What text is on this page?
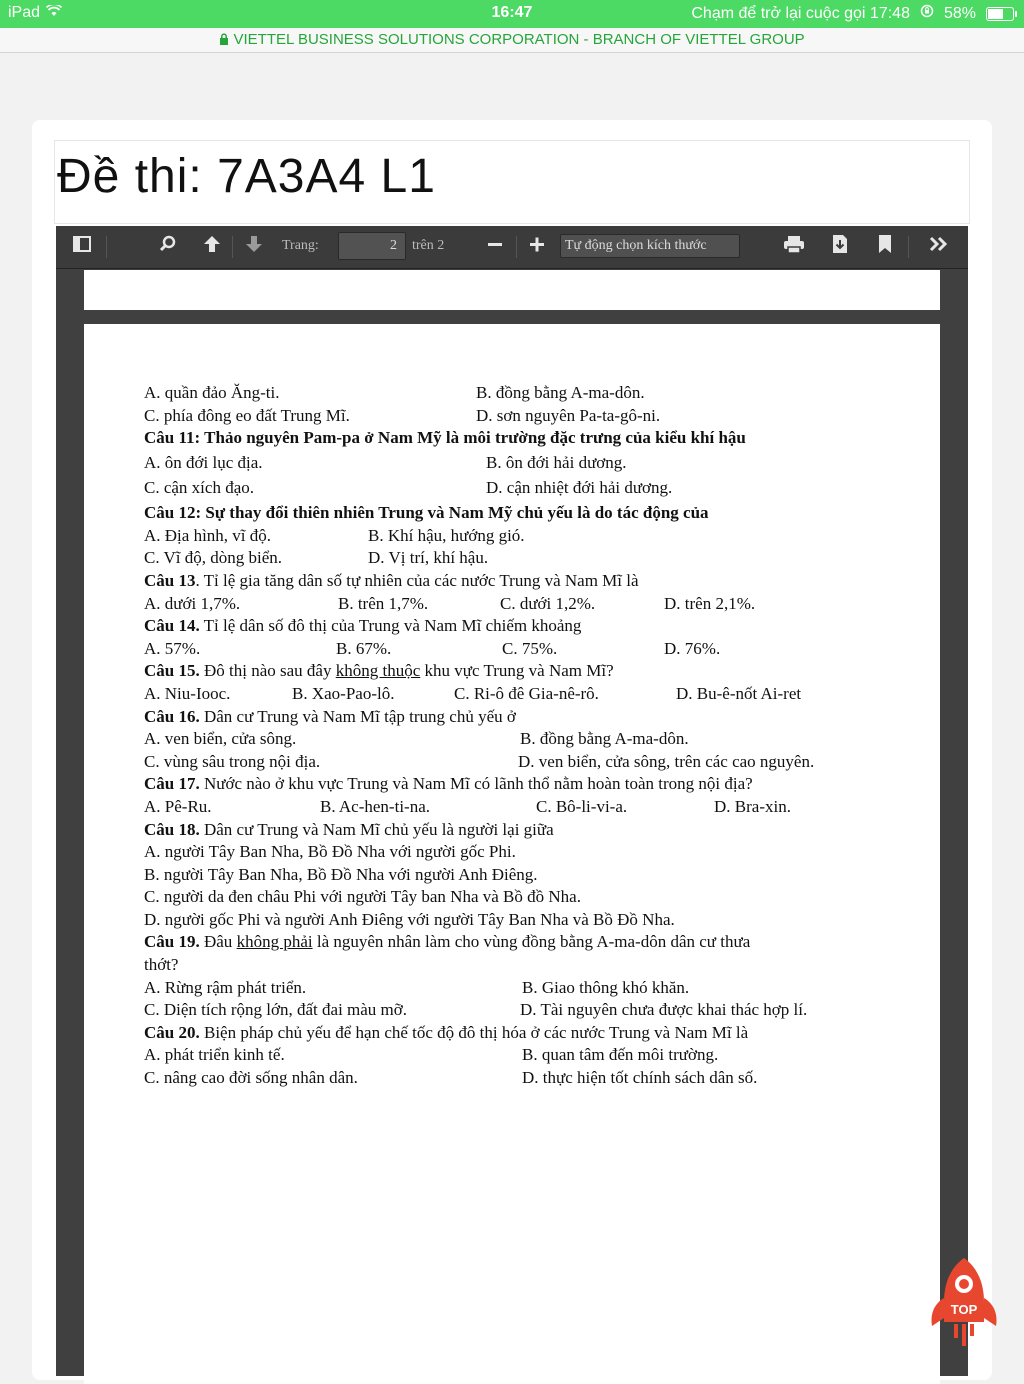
iPad	16:47	Chạm để trở lại cuộc gọi 17:48 58%
VIETTEL BUSINESS SOLUTIONS CORPORATION - BRANCH OF VIETTEL GROUP
Đề thi: 7A3A4 L1
Trang:	2	trên 2	Tự động chọn kích thước
A. quần đảo Ăng-ti.	B. đồng bằng A-ma-dôn.
C. phía đông eo đất Trung Mĩ.	D. sơn nguyên Pa-ta-gô-ni.
Câu 11: Thảo nguyên Pam-pa ở Nam Mỹ là môi trường đặc trưng của kiểu khí hậu
A. ôn đới lục địa.	B. ôn đới hải dương.
C. cận xích đạo.	D. cận nhiệt đới hải dương.
Câu 12: Sự thay đổi thiên nhiên Trung và Nam Mỹ chủ yếu là do tác động của
A. Địa hình, vĩ độ.	B. Khí hậu, hướng gió.
C. Vĩ độ, dòng biển.	D. Vị trí, khí hậu.
Câu 13. Tỉ lệ gia tăng dân số tự nhiên của các nước Trung và Nam Mĩ là
A. dưới 1,7%.	B. trên 1,7%.	C. dưới 1,2%.	D. trên 2,1%.
Câu 14. Tỉ lệ dân số đô thị của Trung và Nam Mĩ chiếm khoảng
A. 57%.	B. 67%.	C. 75%.	D. 76%.
Câu 15. Đô thị nào sau đây không thuộc khu vực Trung và Nam Mĩ?
A. Niu-Iooc.	B. Xao-Pao-lô.	C. Ri-ô đê Gia-nê-rô.	D. Bu-ê-nốt Ai-ret
Câu 16. Dân cư Trung và Nam Mĩ tập trung chủ yếu ở
A. ven biển, cửa sông.	B. đồng bằng A-ma-dôn.
C. vùng sâu trong nội địa.	D. ven biển, cửa sông, trên các cao nguyên.
Câu 17. Nước nào ở khu vực Trung và Nam Mĩ có lãnh thổ nằm hoàn toàn trong nội địa?
A. Pê-Ru.	B. Ac-hen-ti-na.	C. Bô-li-vi-a.	D. Bra-xin.
Câu 18. Dân cư Trung và Nam Mĩ chủ yếu là người lại giữa
A. người Tây Ban Nha, Bồ Đồ Nha với người gốc Phi.
B. người Tây Ban Nha, Bồ Đồ Nha với người Anh Điêng.
C. người da đen châu Phi với người Tây ban Nha và Bồ đồ Nha.
D. người gốc Phi và người Anh Điêng với người Tây Ban Nha và Bồ Đồ Nha.
Câu 19. Đâu không phải là nguyên nhân làm cho vùng đồng bằng A-ma-dôn dân cư thưa
thớt?
A. Rừng rậm phát triển.	B. Giao thông khó khăn.
C. Diện tích rộng lớn, đất đai màu mỡ.	D. Tài nguyên chưa được khai thác hợp lí.
Câu 20. Biện pháp chủ yếu để hạn chế tốc độ đô thị hóa ở các nước Trung và Nam Mĩ là
A. phát triển kinh tế.	B. quan tâm đến môi trường.
C. nâng cao đời sống nhân dân.	D. thực hiện tốt chính sách dân số.
TOP
